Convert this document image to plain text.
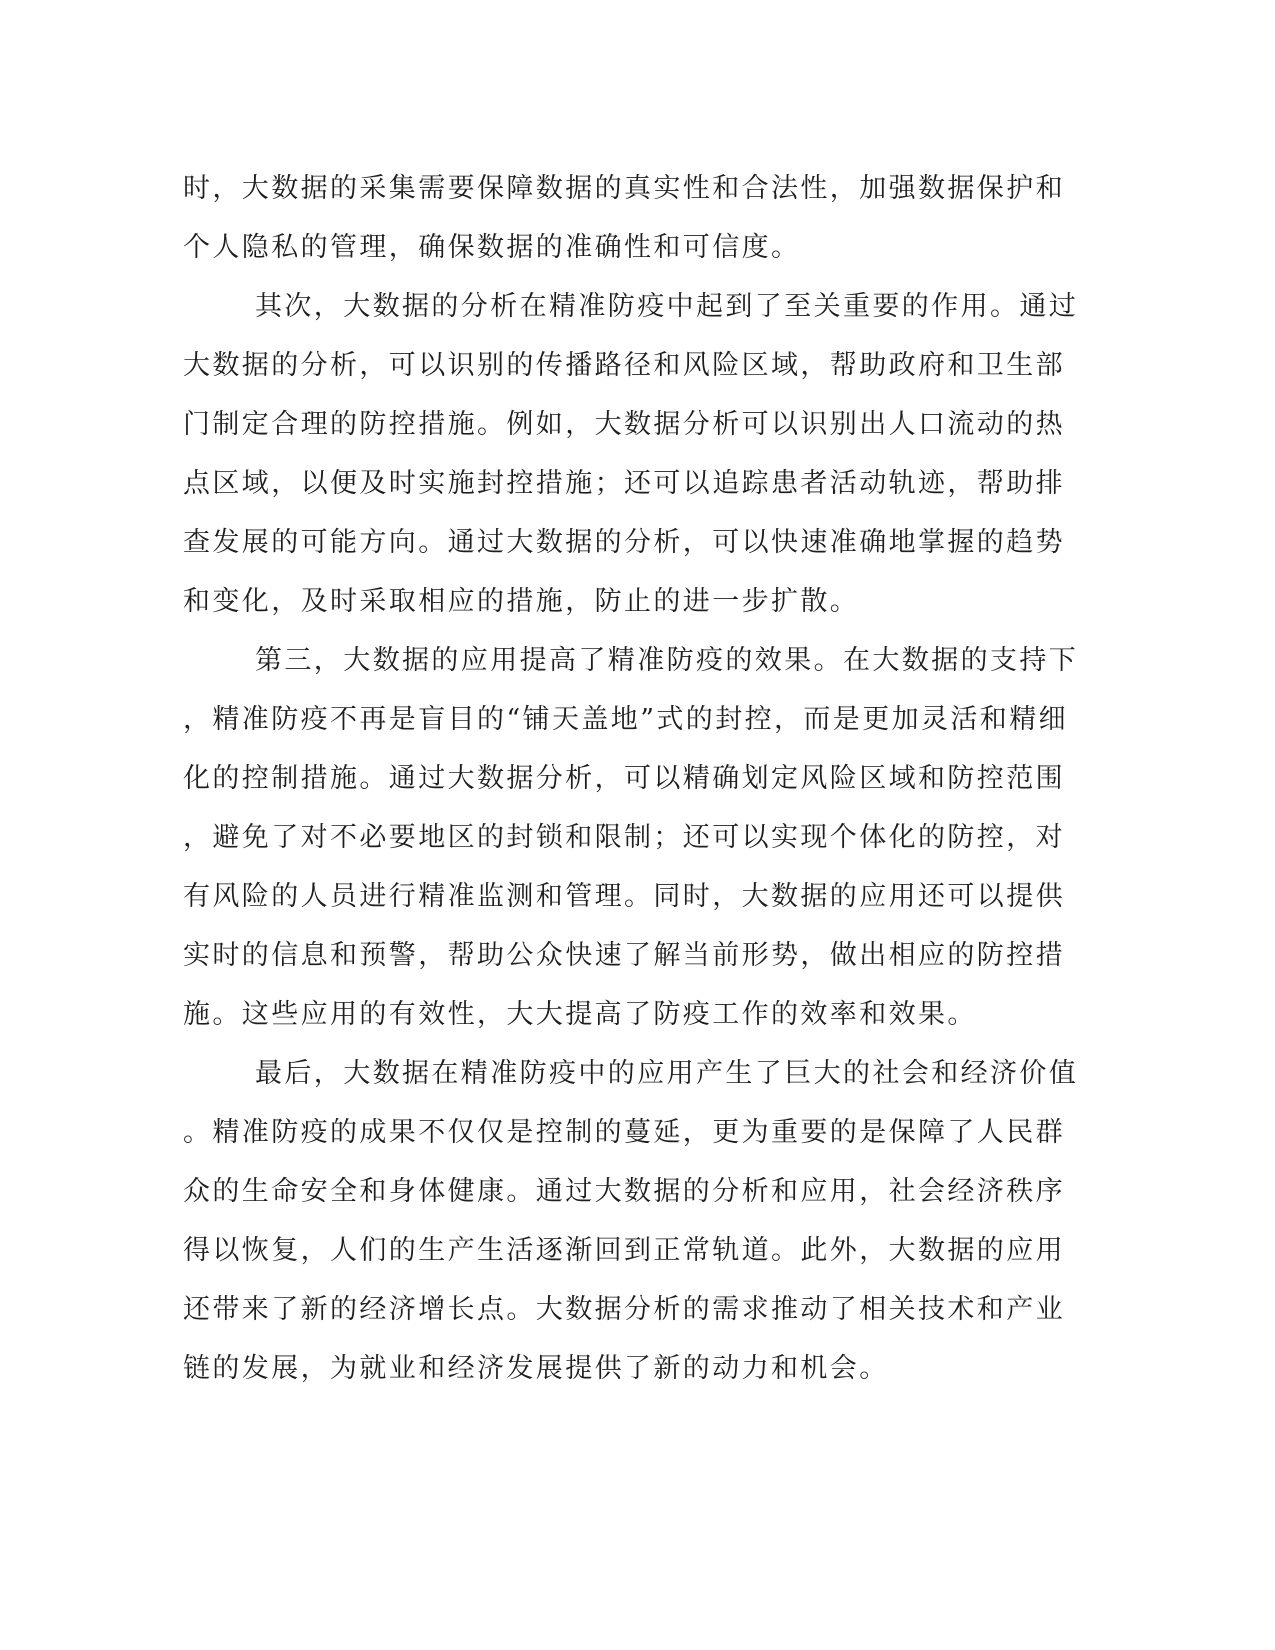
时，大数据的采集需要保障数据的真实性和合法性，加强数据保护和
个人隐私的管理，确保数据的准确性和可信度。
其次，大数据的分析在精准防疫中起到了至关重要的作用。通过
大数据的分析，可以识别的传播路径和风险区域，帮助政府和卫生部
门制定合理的防控措施。例如，大数据分析可以识别出人口流动的热
点区域，以便及时实施封控措施；还可以追踪患者活动轨迹，帮助排
查发展的可能方向。通过大数据的分析，可以快速准确地掌握的趋势
和变化，及时采取相应的措施，防止的进一步扩散。
第三，大数据的应用提高了精准防疫的效果。在大数据的支持下
，精准防疫不再是盲目的“铺天盖地”式的封控，而是更加灵活和精细
化的控制措施。通过大数据分析，可以精确划定风险区域和防控范围
，避免了对不必要地区的封锁和限制；还可以实现个体化的防控，对
有风险的人员进行精准监测和管理。同时，大数据的应用还可以提供
实时的信息和预警，帮助公众快速了解当前形势，做出相应的防控措
施。这些应用的有效性，大大提高了防疫工作的效率和效果。
最后，大数据在精准防疫中的应用产生了巨大的社会和经济价值
。精准防疫的成果不仅仅是控制的蔓延，更为重要的是保障了人民群
众的生命安全和身体健康。通过大数据的分析和应用，社会经济秩序
得以恢复，人们的生产生活逐渐回到正常轨道。此外，大数据的应用
还带来了新的经济增长点。大数据分析的需求推动了相关技术和产业
链的发展，为就业和经济发展提供了新的动力和机会。
